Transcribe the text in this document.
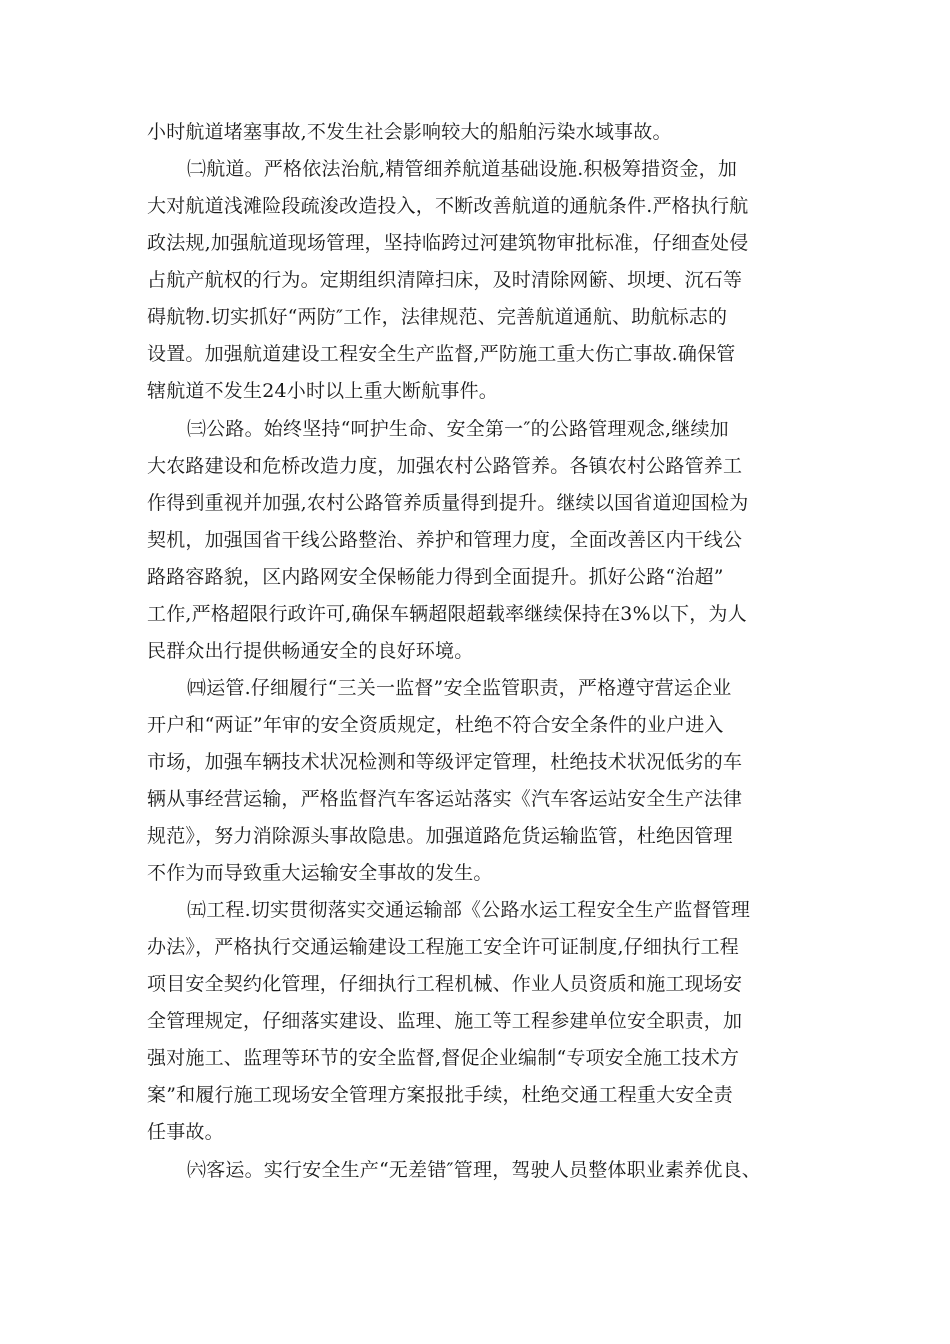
小时航道堵塞事故,不发生社会影响较大的船舶污染水域事故。
㈡航道。严格依法治航,精管细养航道基础设施.积极筹措资金，加
大对航道浅滩险段疏浚改造投入，不断改善航道的通航条件.严格执行航
政法规,加强航道现场管理，坚持临跨过河建筑物审批标准，仔细查处侵
占航产航权的行为。定期组织清障扫床，及时清除网簖、坝埂、沉石等
碍航物.切实抓好“两防″工作，法律规范、完善航道通航、助航标志的
设置。加强航道建设工程安全生产监督,严防施工重大伤亡事故.确保管
辖航道不发生24小时以上重大断航事件。
㈢公路。始终坚持“呵护生命、安全第一″的公路管理观念,继续加
大农路建设和危桥改造力度，加强农村公路管养。各镇农村公路管养工
作得到重视并加强,农村公路管养质量得到提升。继续以国省道迎国检为
契机，加强国省干线公路整治、养护和管理力度，全面改善区内干线公
路路容路貌，区内路网安全保畅能力得到全面提升。抓好公路“治超”
工作,严格超限行政许可,确保车辆超限超载率继续保持在3%以下，为人
民群众出行提供畅通安全的良好环境。
㈣运管.仔细履行“三关一监督”安全监管职责，严格遵守营运企业
开户和“两证”年审的安全资质规定，杜绝不符合安全条件的业户进入
市场，加强车辆技术状况检测和等级评定管理，杜绝技术状况低劣的车
辆从事经营运输，严格监督汽车客运站落实《汽车客运站安全生产法律
规范》，努力消除源头事故隐患。加强道路危货运输监管，杜绝因管理
不作为而导致重大运输安全事故的发生。
㈤工程.切实贯彻落实交通运输部《公路水运工程安全生产监督管理
办法》，严格执行交通运输建设工程施工安全许可证制度,仔细执行工程
项目安全契约化管理，仔细执行工程机械、作业人员资质和施工现场安
全管理规定，仔细落实建设、监理、施工等工程参建单位安全职责，加
强对施工、监理等环节的安全监督,督促企业编制“专项安全施工技术方
案”和履行施工现场安全管理方案报批手续，杜绝交通工程重大安全责
任事故。
㈥客运。实行安全生产“无差错″管理，驾驶人员整体职业素养优良、
